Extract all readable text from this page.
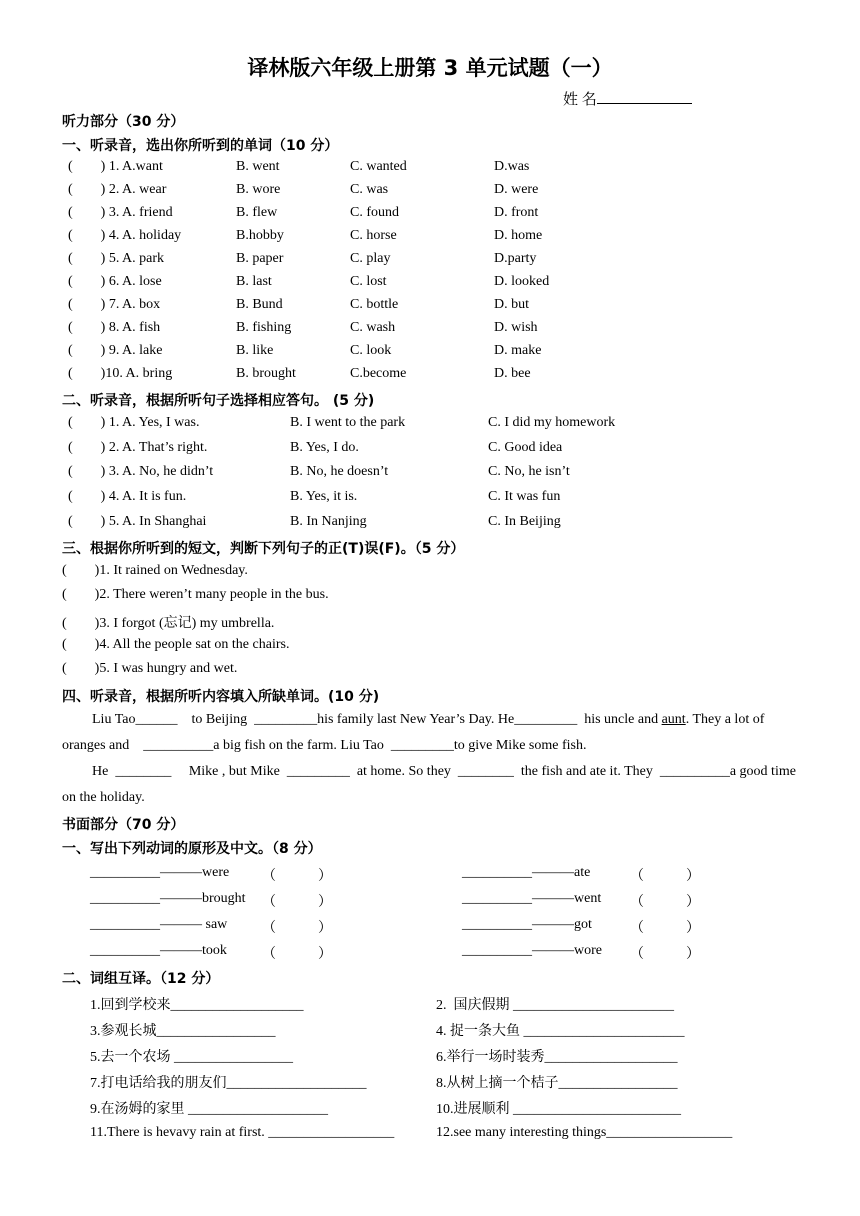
译林版六年级上册第 3 单元试题（一）
姓 名
听力部分（30 分）
一、听录音，选出你所听到的单词（10 分）
(        ) 1. A.want	B. went	C. wanted	D.was
(        ) 2. A. wear	B. wore	C. was	D. were
(        ) 3. A. friend	B. flew	C. found	D. front
(        ) 4. A. holiday	B.hobby	C. horse	D. home
(        ) 5. A. park	B. paper	C. play	D.party
(        ) 6. A. lose	B. last	C. lost	D. looked
(        ) 7. A. box	B. Bund	C. bottle	D. but
(        ) 8. A. fish	B. fishing	C. wash	D. wish
(        ) 9. A. lake	B. like	C. look	D. make
(        )10. A. bring	B. brought	C.become	D. bee
二、听录音，根据所听句子选择相应答句。 (5 分)
(        ) 1. A. Yes, I was.	B. I went to the park	C. I did my homework
(        ) 2. A. That’s right.	B. Yes, I do.	C. Good idea
(        ) 3. A. No, he didn’t	B. No, he doesn’t	C. No, he isn’t
(        ) 4. A. It is fun.	B. Yes, it is.	C. It was fun
(        ) 5. A. In Shanghai	B. In Nanjing	C. In Beijing
三、根据你所听到的短文，判断下列句子的正(T)误(F)。（5 分）
(        )1. It rained on Wednesday.
(        )2. There weren’t many people in the bus.
(        )3. I forgot (忘记) my umbrella.
(        )4. All the people sat on the chairs.
(        )5. I was hungry and wet.
四、听录音，根据所听内容填入所缺单词。(10 分)
Liu Tao______    to Beijing  _________his family last New Year’s Day. He_________  his uncle and aunt. They a lot of oranges and    __________a big fish on the farm. Liu Tao  _________to give Mike some fish.
He  ________     Mike , but Mike  _________  at home. So they  ________  the fish and ate it. They  __________a good time on the holiday.
书面部分（70 分）
一、写出下列动词的原形及中文。（8 分）
__________———were （            ）	__________———ate	（            ）
__________———brought （            ）	__________———went （            ）
__________——— saw （            ）	__________———got	（            ）
__________———took	（            ）	__________———wore （            ）
二、词组互译。（12 分）
1.回到学校来___________________	2.  国庆假期 _______________________
3.参观长城_________________	4. 捉一条大鱼 _______________________
5.去一个农场 _________________	6.举行一场时装秀___________________
7.打电话给我的朋友们____________________	8.从树上摘一个桔子_________________
9.在汤姆的家里 ____________________	10.进展顺利 ________________________
11.There is hevavy rain at first. __________________	12.see many interesting things__________________
